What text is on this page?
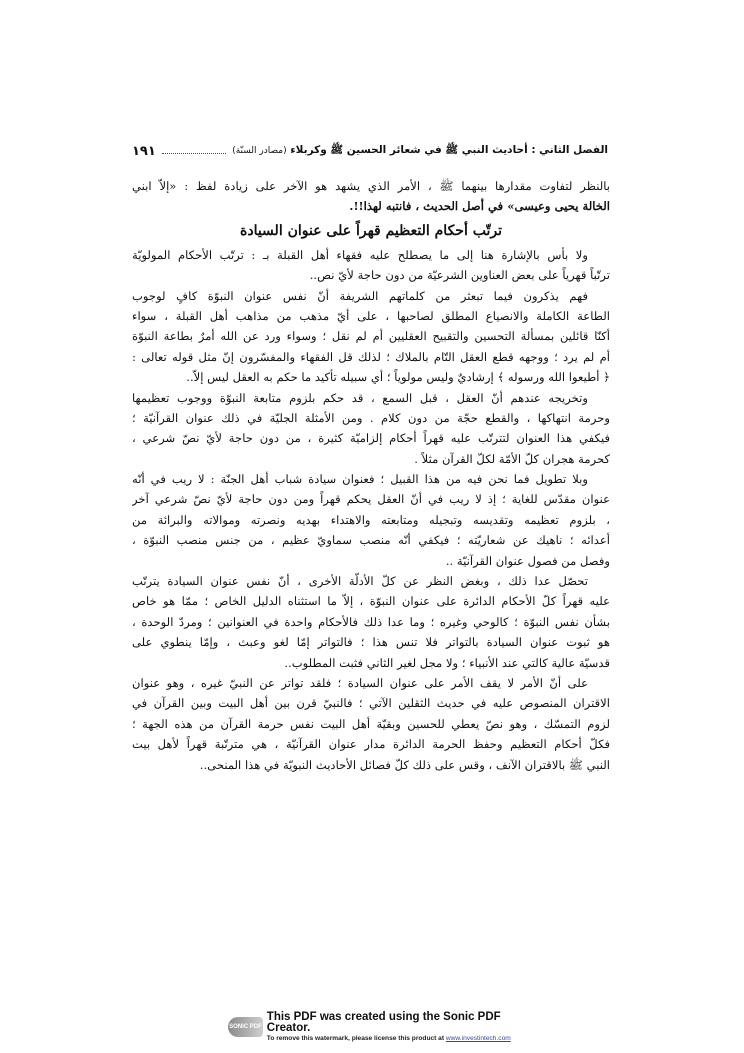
الفصل الثاني : أحاديث النبي ﷺ في شعائر الحسين ﷺ وكربلاء (مصادر السنّة)
١٩١
بالنظر لتفاوت مقدارها بينهما ﷺ ، الأمر الذي يشهد هو الآخر على زيادة لفظ : «إلاّ ابني
الخالة يحيى وعيسى» في أصل الحديث ، فانتبه لهذا!!.
ترتّب أحكام التعظيم قهراً على عنوان السيادة
ولا بأس بالإشارة هنا إلى ما يصطلح عليه فقهاء أهل القبلة بـ : ترتّب الأحكام المولويّة
ترتّباً قهرياً على بعض العناوين الشرعيّة من دون حاجة لأيّ نص..
فهم يذكرون فيما تبعثر من كلماتهم الشريفة أنّ نفس عنوان النبوّة كافٍ لوجوب
الطاعة الكاملة والانصياع المطلق لصاحبها ، على أيّ مذهب من مذاهب أهل القبلة ، سواء
أكنّا قائلين بمسألة التحسين والتقبيح العقليين أم لم نقل ؛ وسواء ورد عن الله أمرٌ بطاعة النبوّة
أم لم يرد ؛ ووجهه قطع العقل التّام بالملاك ؛ لذلك قل الفقهاء والمفسّرون إنّ مثل قوله تعالى :
﴿ أطيعوا الله ورسوله ﴾ إرشاديٌ وليس مولوياً ؛ أي سبيله تأكيد ما حكم به العقل ليس إلاّ..
وتخريجه عندهم أنّ العقل ، قبل السمع ، قد حكم بلزوم متابعة النبوّة ووجوب تعظيمها
وحرمة انتهاكها ، والقطع حجّة من دون كلام . ومن الأمثلة الجليّة في ذلك عنوان القرآنيّة ؛
فيكفي هذا العنوان لتترتّب عليه قهراً أحكام إلزاميّة كثيرة ، من دون حاجة لأيّ نصّ شرعي ،
كحرمة هجران كلّ الأمّة لكلّ القرآن مثلاً .
وبلا تطويل فما نحن فيه من هذا القبيل ؛ فعنوان سيادة شباب أهل الجنّة : لا ريب في أنّه
عنوان مقدّس للغاية ؛ إذ لا ريب في أنّ العقل يحكم قهراً ومن دون حاجة لأيّ نصّ شرعي آخر
، بلزوم تعظيمه وتقديسه وتبجيله ومتابعته والاهتداء بهديه ونصرته وموالاته والبرائة من
أعدائه ؛ ناهيك عن شعاريّته ؛ فيكفي أنّه منصب سماويّ عظيم ، من جنس منصب النبوّة ،
وفصل من فصول عنوان القرآنيّة ..
تحصّل عدا ذلك ، وبغض النظر عن كلّ الأدلّة الأخرى ، أنّ نفس عنوان السيادة يترتّب
عليه قهراً كلّ الأحكام الدائرة على عنوان النبوّة ، إلاّ ما استثناه الدليل الخاص ؛ ممّا هو خاص
بشأن نفس النبوّة ؛ كالوحي وغيره ؛ وما عدا ذلك فالأحكام واحدة في العنوانين ؛ ومردّ الوحدة ،
هو ثبوت عنوان السيادة بالتواتر فلا تنس هذا ؛ فالتواتر إمّا لغو وعبث ، وإمّا ينطوي على
قدسيّة عالية كالتي عند الأنبياء ؛ ولا مجل لغير الثاني فثبت المطلوب..
على أنّ الأمر لا يقف الأمر على عنوان السيادة ؛ فلقد تواتر عن النبيّ غيره ، وهو عنوان
الاقتران المنصوص عليه في حديث الثقلين الآتي ؛ فالنبيّ قرن بين أهل البيت وبين القرآن في
لزوم التمسّك ، وهو نصّ يعطي للحسين وبقيّة أهل البيت نفس حرمة القرآن من هذه الجهة ؛
فكلّ أحكام التعظيم وحفظ الحرمة الدائرة مدار عنوان القرآنيّة ، هي مترتّبة قهراً لأهل بيت
النبي ﷺ بالاقتران الآنف ، وقس على ذلك كلّ فصائل الأحاديث النبويّة في هذا المنحى..
SONIC PDF
This PDF was created using the Sonic PDF Creator.
To remove this watermark, please license this product at www.investintech.com
